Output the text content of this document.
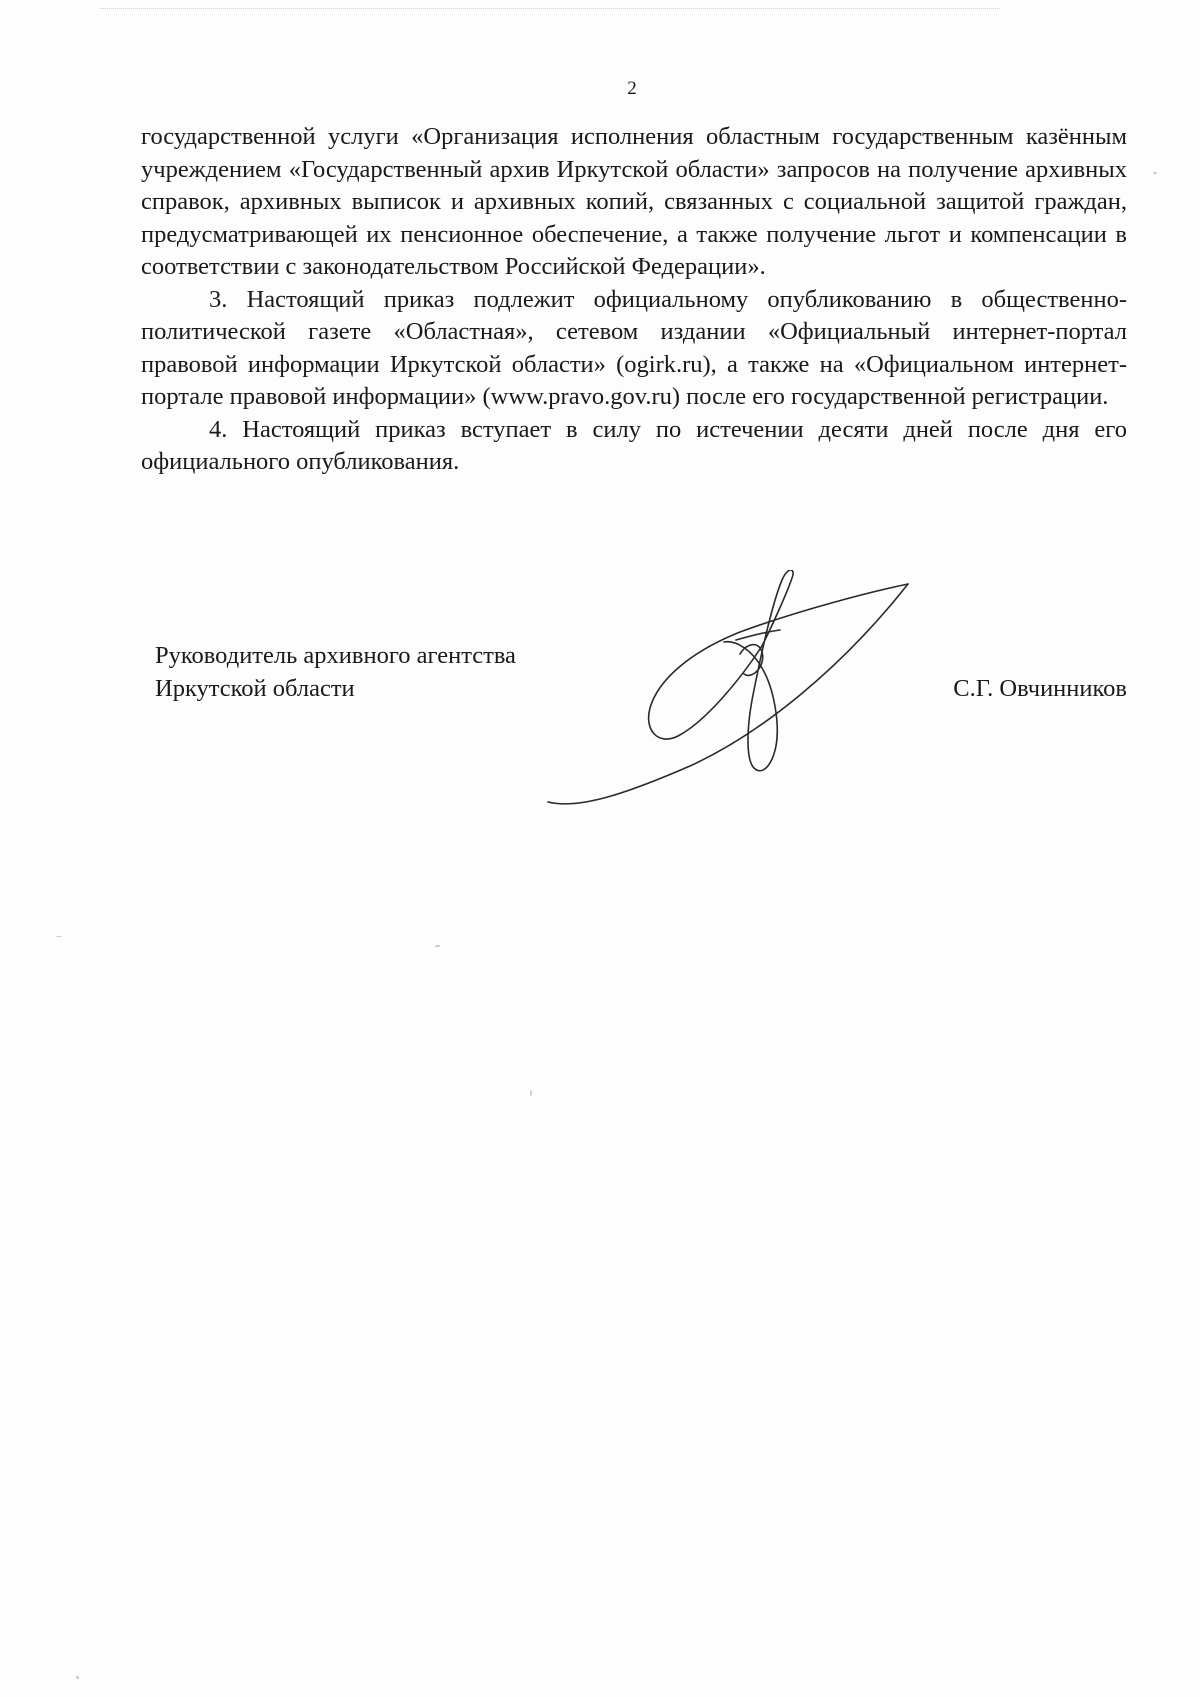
2

государственной услуги «Организация исполнения областным государственным казённым учреждением «Государственный архив Иркутской области» запросов на получение архивных справок, архивных выписок и архивных копий, связанных с социальной защитой граждан, предусматривающей их пенсионное обеспечение, а также получение льгот и компенсации в соответствии с законодательством Российской Федерации».

3. Настоящий приказ подлежит официальному опубликованию в общественно-политической газете «Областная», сетевом издании «Официальный интернет-портал правовой информации Иркутской области» (ogirk.ru), а также на «Официальном интернет-портале правовой информации» (www.pravo.gov.ru) после его государственной регистрации.

4. Настоящий приказ вступает в силу по истечении десяти дней после дня его официального опубликования.

Руководитель архивного агентства
Иркутской области	С.Г. Овчинников
